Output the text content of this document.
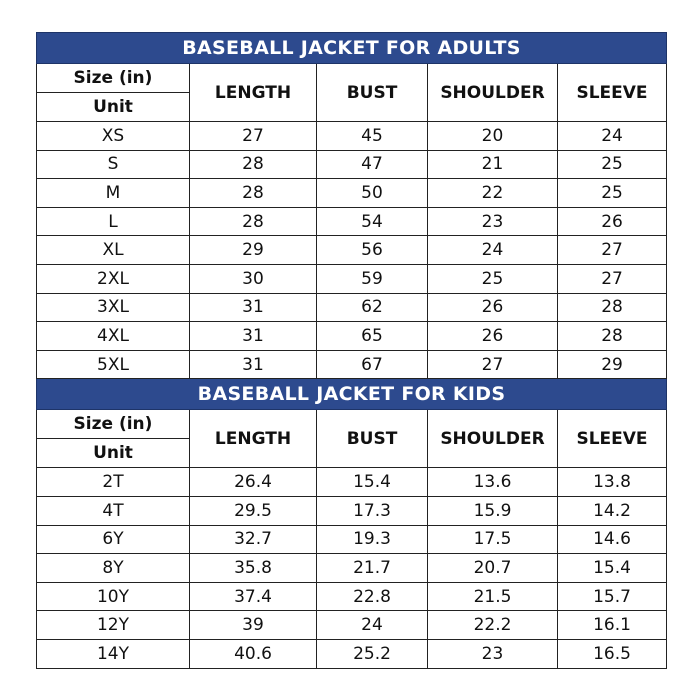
BASEBALL JACKET FOR ADULTS				

Size (in)
Unit	LENGTH	BUST	SHOULDER	SLEEVE
XS	27	45	20	24
S	28	47	21	25
M	28	50	22	25
L	28	54	23	26
XL	29	56	24	27
2XL	30	59	25	27
3XL	31	62	26	28
4XL	31	65	26	28
5XL	31	67	27	29
BASEBALL JACKET FOR KIDS				

Size (in)
Unit	LENGTH	BUST	SHOULDER	SLEEVE
2T	26.4	15.4	13.6	13.8
4T	29.5	17.3	15.9	14.2
6Y	32.7	19.3	17.5	14.6
8Y	35.8	21.7	20.7	15.4
10Y	37.4	22.8	21.5	15.7
12Y	39	24	22.2	16.1
14Y	40.6	25.2	23	16.5
